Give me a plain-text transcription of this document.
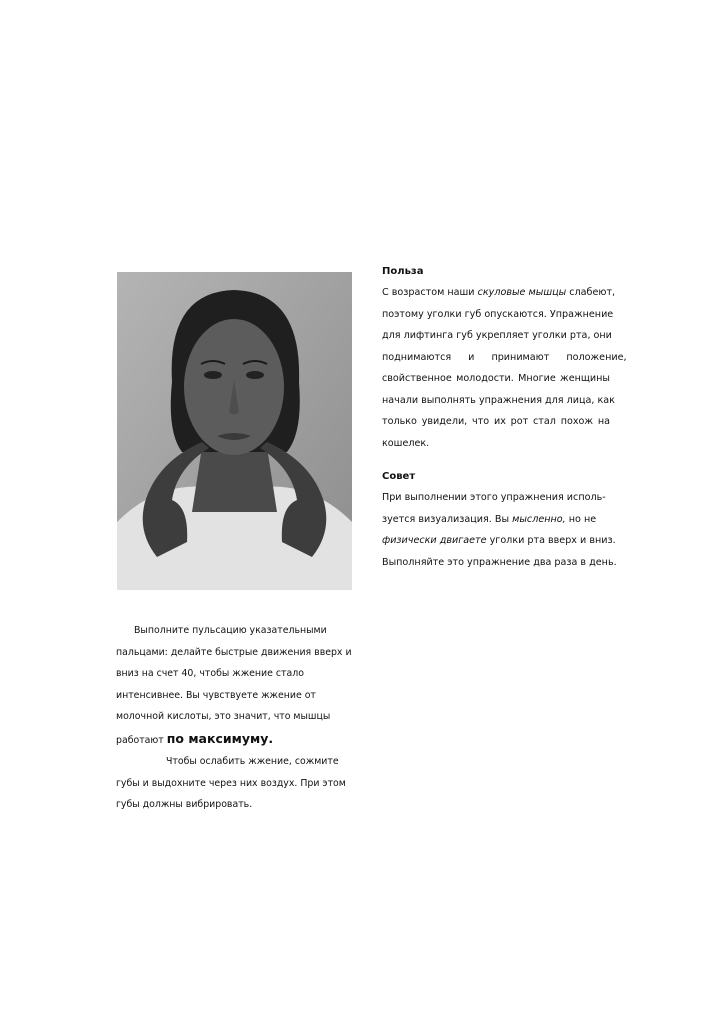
Польза
С возрастом наши скуловые мышцы слабеют,
поэтому уголки губ опускаются. Упражнение
для лифтинга губ укрепляет уголки рта, они
поднимаются и принимают положение,
свойственное молодости. Многие женщины
начали выполнять упражнения для лица, как
только увидели, что их рот стал похож на
кошелек.
Совет
При выполнении этого упражнения исполь-
зуется визуализация. Вы мысленно, но не
физически двигаете уголки рта вверх и вниз.
Выполняйте это упражнение два раза в день.
Выполните пульсацию указательными
пальцами: делайте быстрые движения вверх и
вниз на счет 40, чтобы жжение стало
интенсивнее. Вы чувствуете жжение от
молочной кислоты, это значит, что мышцы
работают по максимуму.
Чтобы ослабить жжение, сожмите
губы и выдохните через них воздух. При этом
губы должны вибрировать.
